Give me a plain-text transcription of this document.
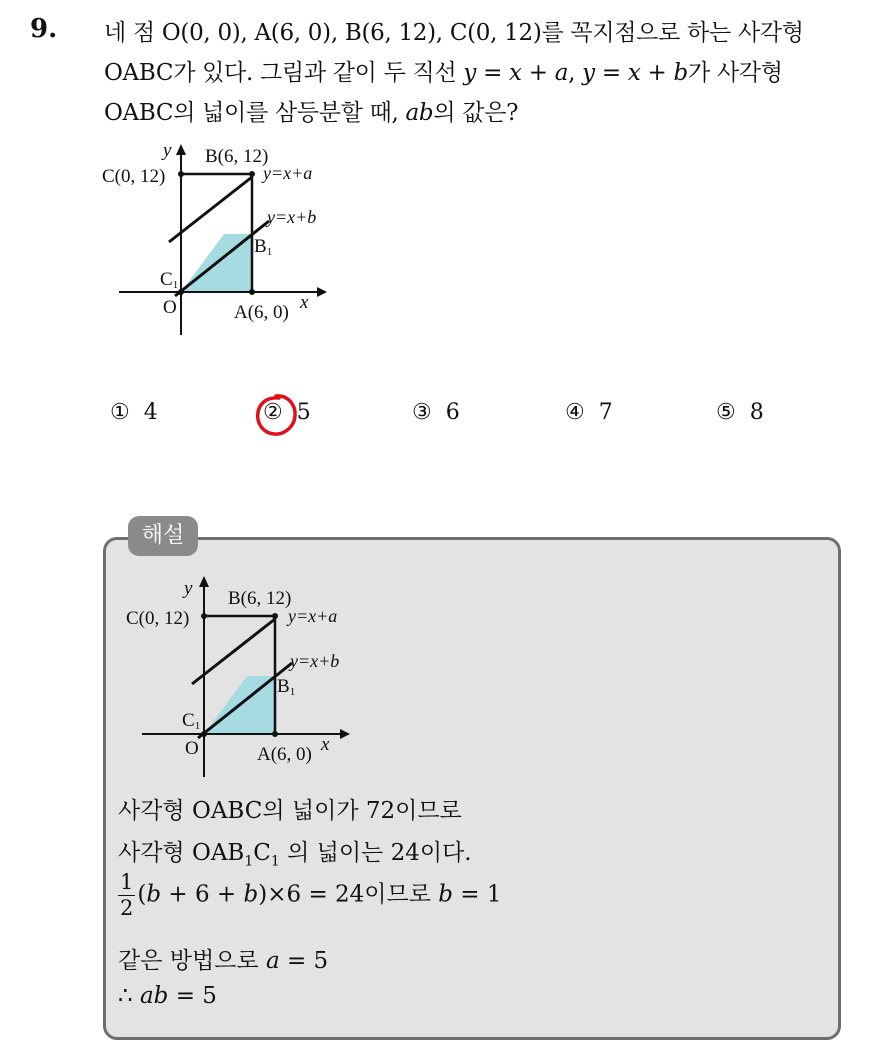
9. 네 점 O(0, 0), A(6, 0), B(6, 12), C(0, 12)를 꼭지점으로 하는 사각형
OABC가 있다. 그림과 같이 두 직선 y = x + a, y = x + b가 사각형
OABC의 넓이를 삼등분할 때, ab의 값은?
y
x
B(6, 12)
C(0, 12)	y=x+a
y=x+b
B1
C1
O	A(6, 0)
① 4	② 5	③ 6	④ 7	⑤ 8
해설
y
x
B(6, 12)
C(0, 12)	y=x+a
y=x+b
B1
C1
O	A(6, 0)
사각형 OABC의 넓이가 72이므로
사각형 $OAB_1C_1$ 의 넓이는 24이다.
$\frac{1}{2} (b + 6 + b)\times 6 = 24$이므로 b = 1
같은 방법으로 a = 5
∴ ab = 5
